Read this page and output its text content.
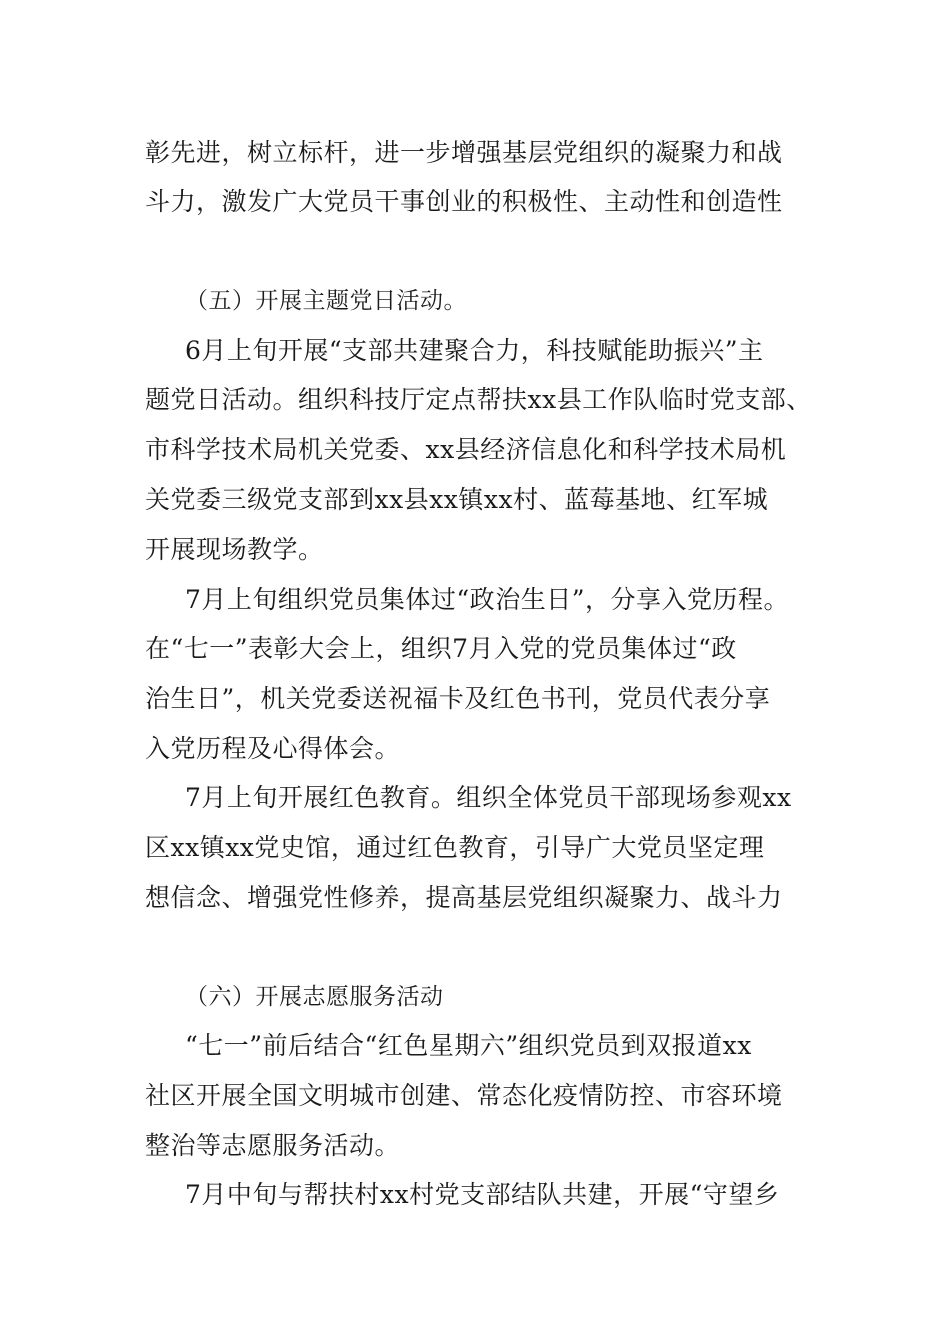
彰先进，树立标杆，进一步增强基层党组织的凝聚力和战
斗力，激发广大党员干事创业的积极性、主动性和创造性
（五）开展主题党日活动。
6月上旬开展“支部共建聚合力，科技赋能助振兴”主
题党日活动。组织科技厅定点帮扶xx县工作队临时党支部、
市科学技术局机关党委、xx县经济信息化和科学技术局机
关党委三级党支部到xx县xx镇xx村、蓝莓基地、红军城
开展现场教学。
7月上旬组织党员集体过“政治生日”，分享入党历程。
在“七一”表彰大会上，组织7月入党的党员集体过“政
治生日”，机关党委送祝福卡及红色书刊，党员代表分享
入党历程及心得体会。
7月上旬开展红色教育。组织全体党员干部现场参观xx
区xx镇xx党史馆，通过红色教育，引导广大党员坚定理
想信念、增强党性修养，提高基层党组织凝聚力、战斗力
（六）开展志愿服务活动
“七一”前后结合“红色星期六”组织党员到双报道xx
社区开展全国文明城市创建、常态化疫情防控、市容环境
整治等志愿服务活动。
7月中旬与帮扶村xx村党支部结队共建，开展“守望乡
